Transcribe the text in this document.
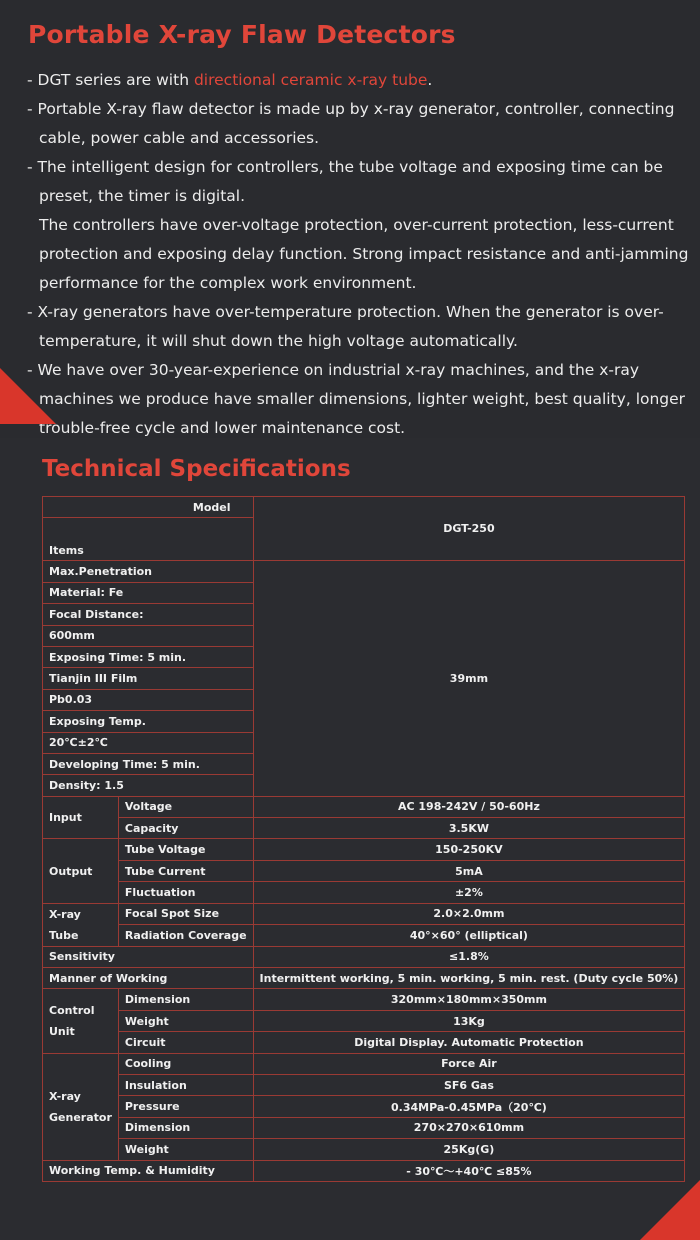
Portable X-ray Flaw Detectors

- DGT series are with directional ceramic x-ray tube.

- Portable X-ray flaw detector is made up by x-ray generator, controller, connecting cable, power cable and accessories.

- The intelligent design for controllers, the tube voltage and exposing time can be preset, the timer is digital.

The controllers have over-voltage protection, over-current protection, less-current protection and exposing delay function. Strong impact resistance and anti-jamming performance for the complex work environment.

- X-ray generators have over-temperature protection. When the generator is over-temperature, it will shut down the high voltage automatically.

- We have over 30-year-experience on industrial x-ray machines, and the x-ray machines we produce have smaller dimensions, lighter weight, best quality, longer trouble-free cycle and lower maintenance cost.

Technical Specifications
Model		DGT-250

Items		
Max.Penetration		39mm
Material: Fe		
Focal Distance:		
600mm		
Exposing Time: 5 min.		
Tianjin III Film		
Pb0.03		
Exposing Temp.		
20℃±2℃		
Developing Time: 5 min.		
Density: 1.5		
Input	Voltage	AC 198-242V / 50-60Hz
	Capacity	3.5KW
Output	Tube Voltage	150-250KV
	Tube Current	5mA
	Fluctuation	±2%

X-ray
Tube	Focal Spot Size	2.0×2.0mm
	Radiation Coverage	40°×60° (elliptical)
Sensitivity		≤1.8%
Manner of Working		Intermittent working, 5 min. working, 5 min. rest. (Duty cycle 50%)

Control
Unit	Dimension	320mm×180mm×350mm
	Weight	13Kg
	Circuit	Digital Display. Automatic Protection

X-ray
Generator	Cooling	Force Air
	Insulation	SF6 Gas
	Pressure	0.34MPa-0.45MPa（20℃)
	Dimension	270×270×610mm
	Weight	25Kg(G)
Working Temp. & Humidity		- 30℃～+40℃ ≤85%
